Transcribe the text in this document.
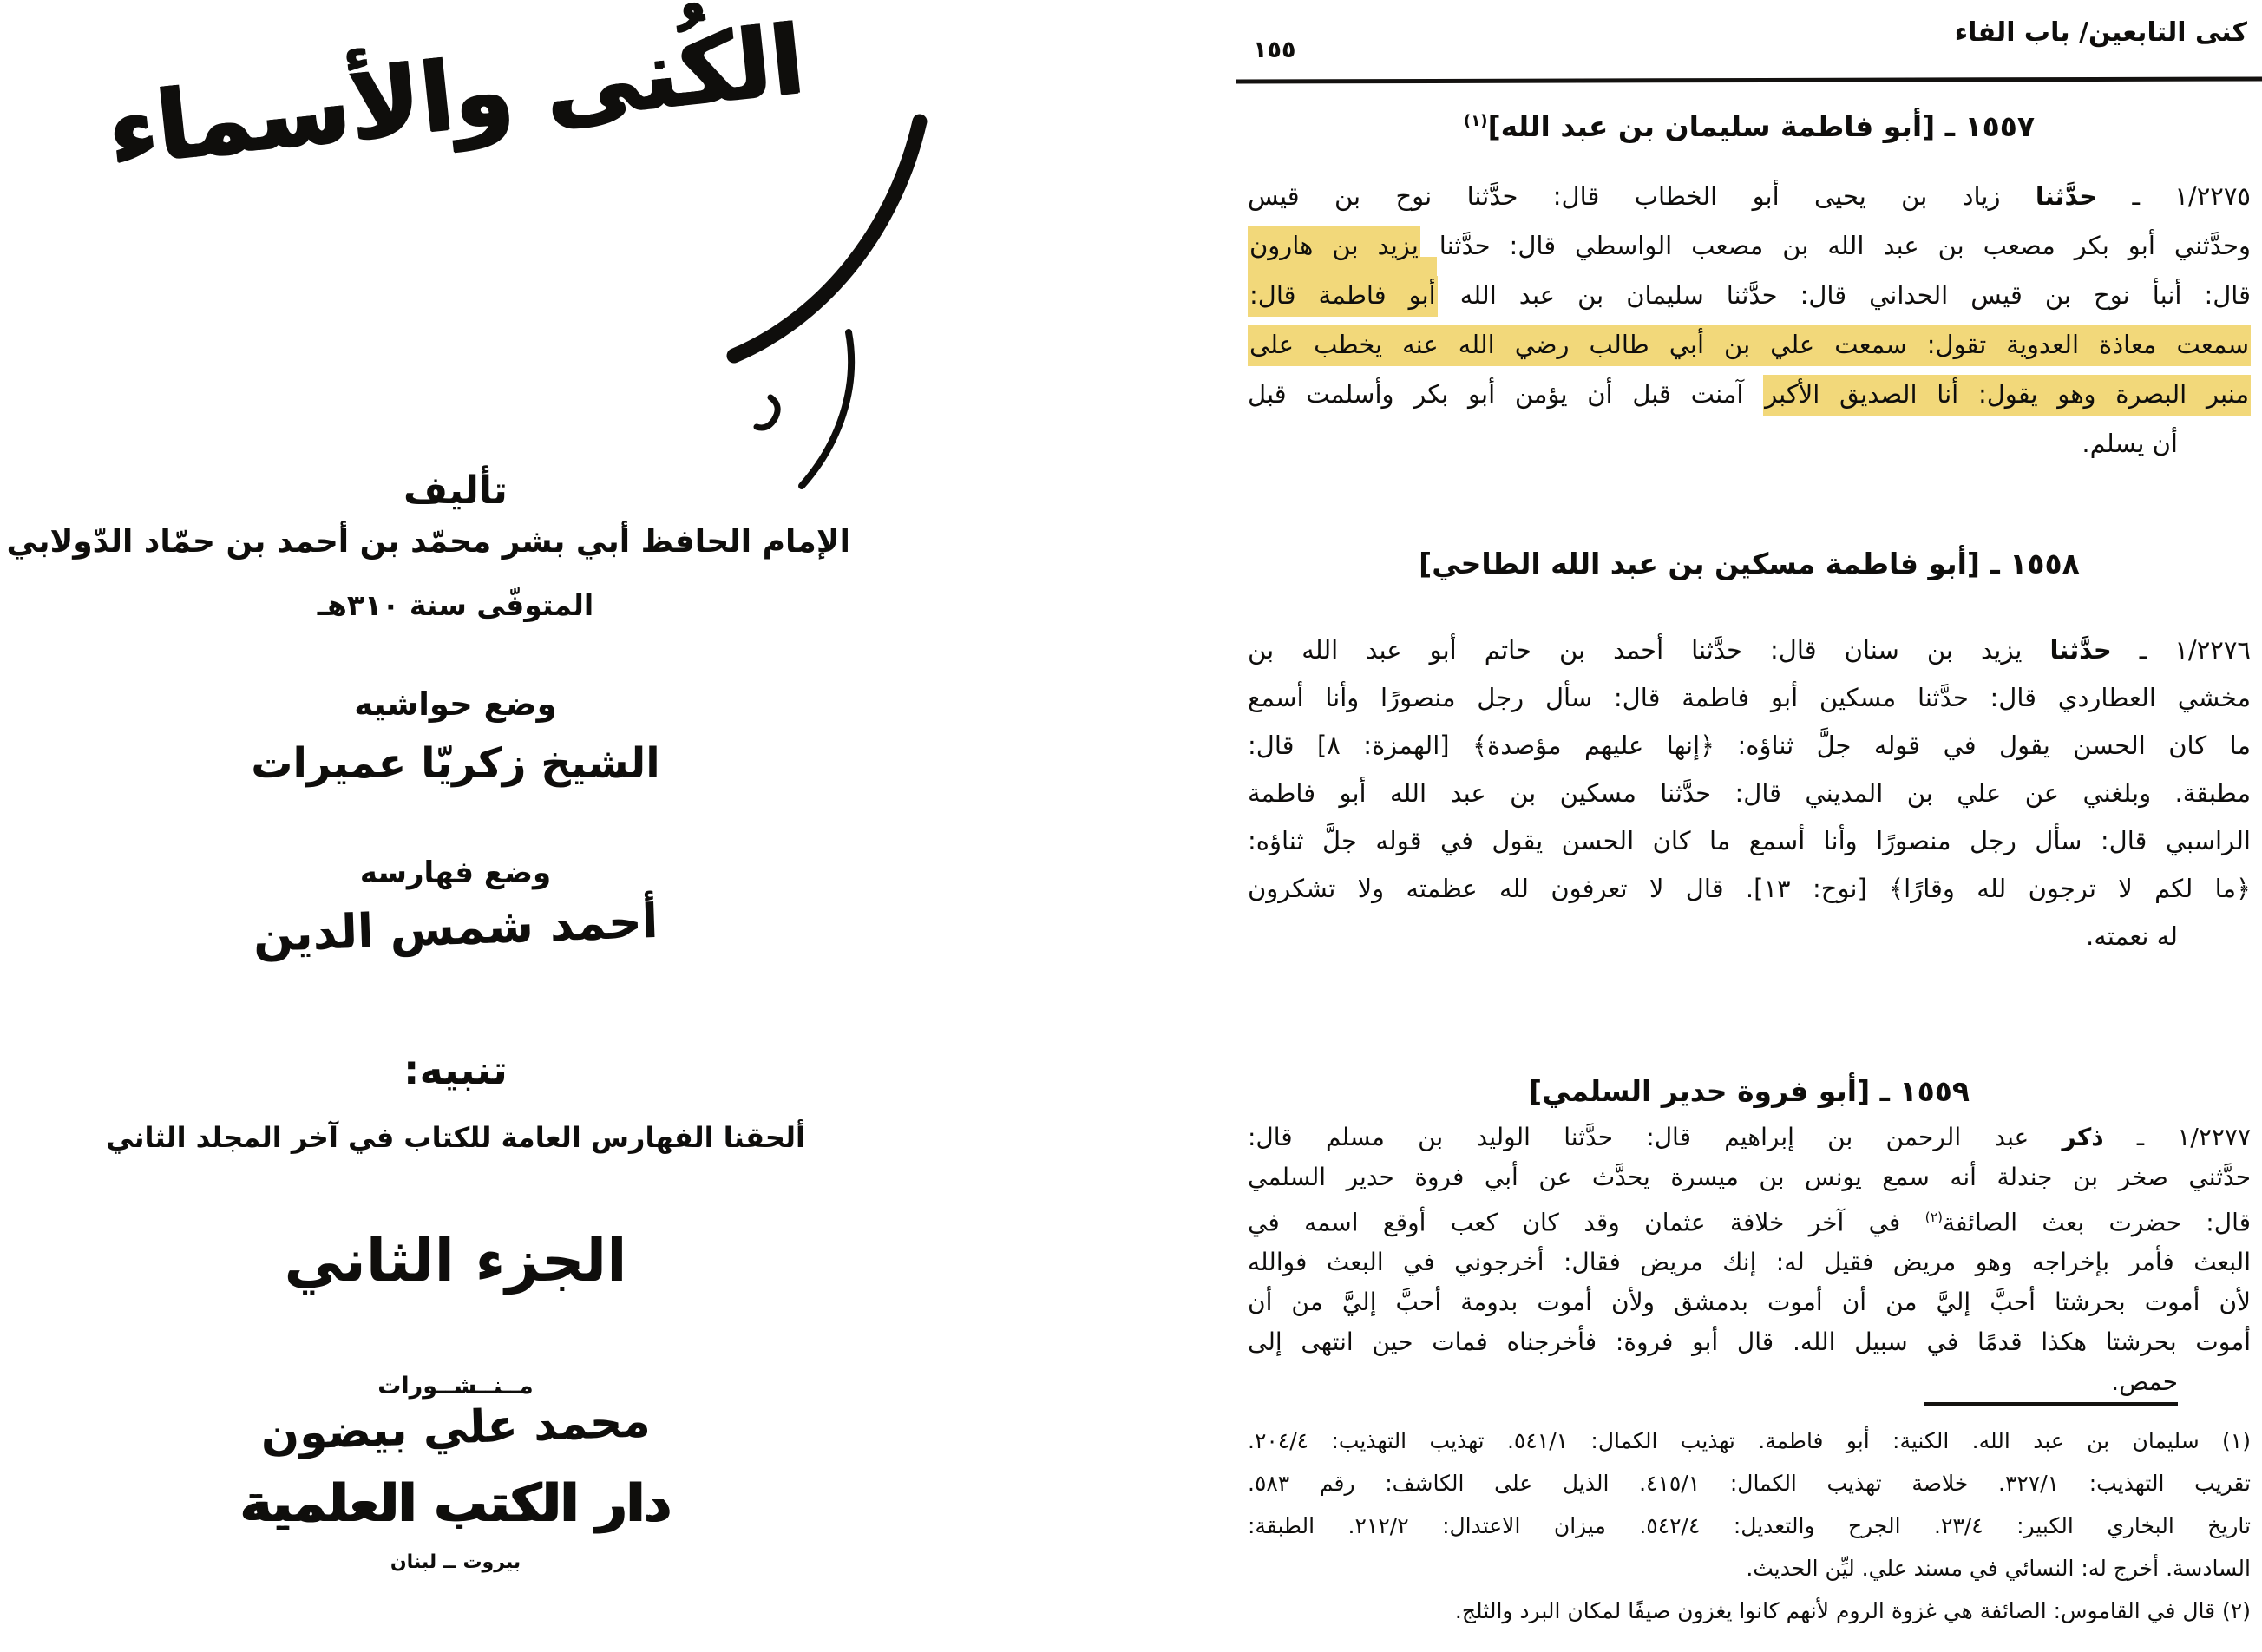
الكُنى والأسماء
تأليف
الإمام الحافظ أبي بشر محمّد بن أحمد بن حمّاد الدّولابي
المتوفّى سنة ٣١٠هـ
وضع حواشيه
الشيخ زكريّا عميرات
وضع فهارسه
أحمد شمس الدين
تنبيه:
ألحقنا الفهارس العامة للكتاب في آخر المجلد الثاني
الجزء الثاني
مــنــشــورات
محمد علي بيضون
دار الكتب العلمية
بيروت ــ لبنان
كنى التابعين/ باب الفاء
١٥٥
١٥٥٧ ـ [أبو فاطمة سليمان بن عبد الله]$^{(١)}$
١/٢٢٧٥ ـ حدَّثنا زياد بن يحيى أبو الخطاب قال: حدَّثنا نوح بن قيس
وحدَّثني أبو بكر مصعب بن عبد الله بن مصعب الواسطي قال: حدَّثنا يزيد بن هارون
قال: أنبأ نوح بن قيس الحداني قال: حدَّثنا سليمان بن عبد الله أبو فاطمة قال:
سمعت معاذة العدوية تقول: سمعت علي بن أبي طالب رضي الله عنه يخطب على
منبر البصرة وهو يقول: أنا الصديق الأكبر آمنت قبل أن يؤمن أبو بكر وأسلمت قبل
أن يسلم.
١٥٥٨ ـ [أبو فاطمة مسكين بن عبد الله الطاحي]
١/٢٢٧٦ ـ حدَّثنا يزيد بن سنان قال: حدَّثنا أحمد بن حاتم أبو عبد الله بن
مخشي العطاردي قال: حدَّثنا مسكين أبو فاطمة قال: سأل رجل منصورًا وأنا أسمع
ما كان الحسن يقول في قوله جلَّ ثناؤه: ﴿إنها عليهم مؤصدة﴾ [الهمزة: ٨] قال:
مطبقة. وبلغني عن علي بن المديني قال: حدَّثنا مسكين بن عبد الله أبو فاطمة
الراسبي قال: سأل رجل منصورًا وأنا أسمع ما كان الحسن يقول في قوله جلَّ ثناؤه:
﴿ما لكم لا ترجون لله وقارًا﴾ [نوح: ١٣]. قال لا تعرفون لله عظمته ولا تشكرون
له نعمته.
١٥٥٩ ـ [أبو فروة حدير السلمي]
١/٢٢٧٧ ـ ذكر عبد الرحمن بن إبراهيم قال: حدَّثنا الوليد بن مسلم قال:
حدَّثني صخر بن جندلة أنه سمع يونس بن ميسرة يحدَّث عن أبي فروة حدير السلمي
قال: حضرت بعث الصائفة$^{(٢)}$ في آخر خلافة عثمان وقد كان كعب أوقع اسمه في
البعث فأمر بإخراجه وهو مريض فقيل له: إنك مريض فقال: أخرجوني في البعث فوالله
لأن أموت بحرشتا أحبَّ إليَّ من أن أموت بدمشق ولأن أموت بدومة أحبَّ إليَّ من أن
أموت بحرشتا هكذا قدمًا في سبيل الله. قال أبو فروة: فأخرجناه فمات حين انتهى إلى
حمص.
(١) سليمان بن عبد الله. الكنية: أبو فاطمة. تهذيب الكمال: ٥٤١/١. تهذيب التهذيب: ٢٠٤/٤.
تقريب التهذيب: ٣٢٧/١. خلاصة تهذيب الكمال: ٤١٥/١. الذيل على الكاشف: رقم ٥٨٣.
تاريخ البخاري الكبير: ٢٣/٤. الجرح والتعديل: ٥٤٢/٤. ميزان الاعتدال: ٢١٢/٢. الطبقة:
السادسة. أخرج له: النسائي في مسند علي. ليِّن الحديث.
(٢) قال في القاموس: الصائفة هي غزوة الروم لأنهم كانوا يغزون صيفًا لمكان البرد والثلج.
